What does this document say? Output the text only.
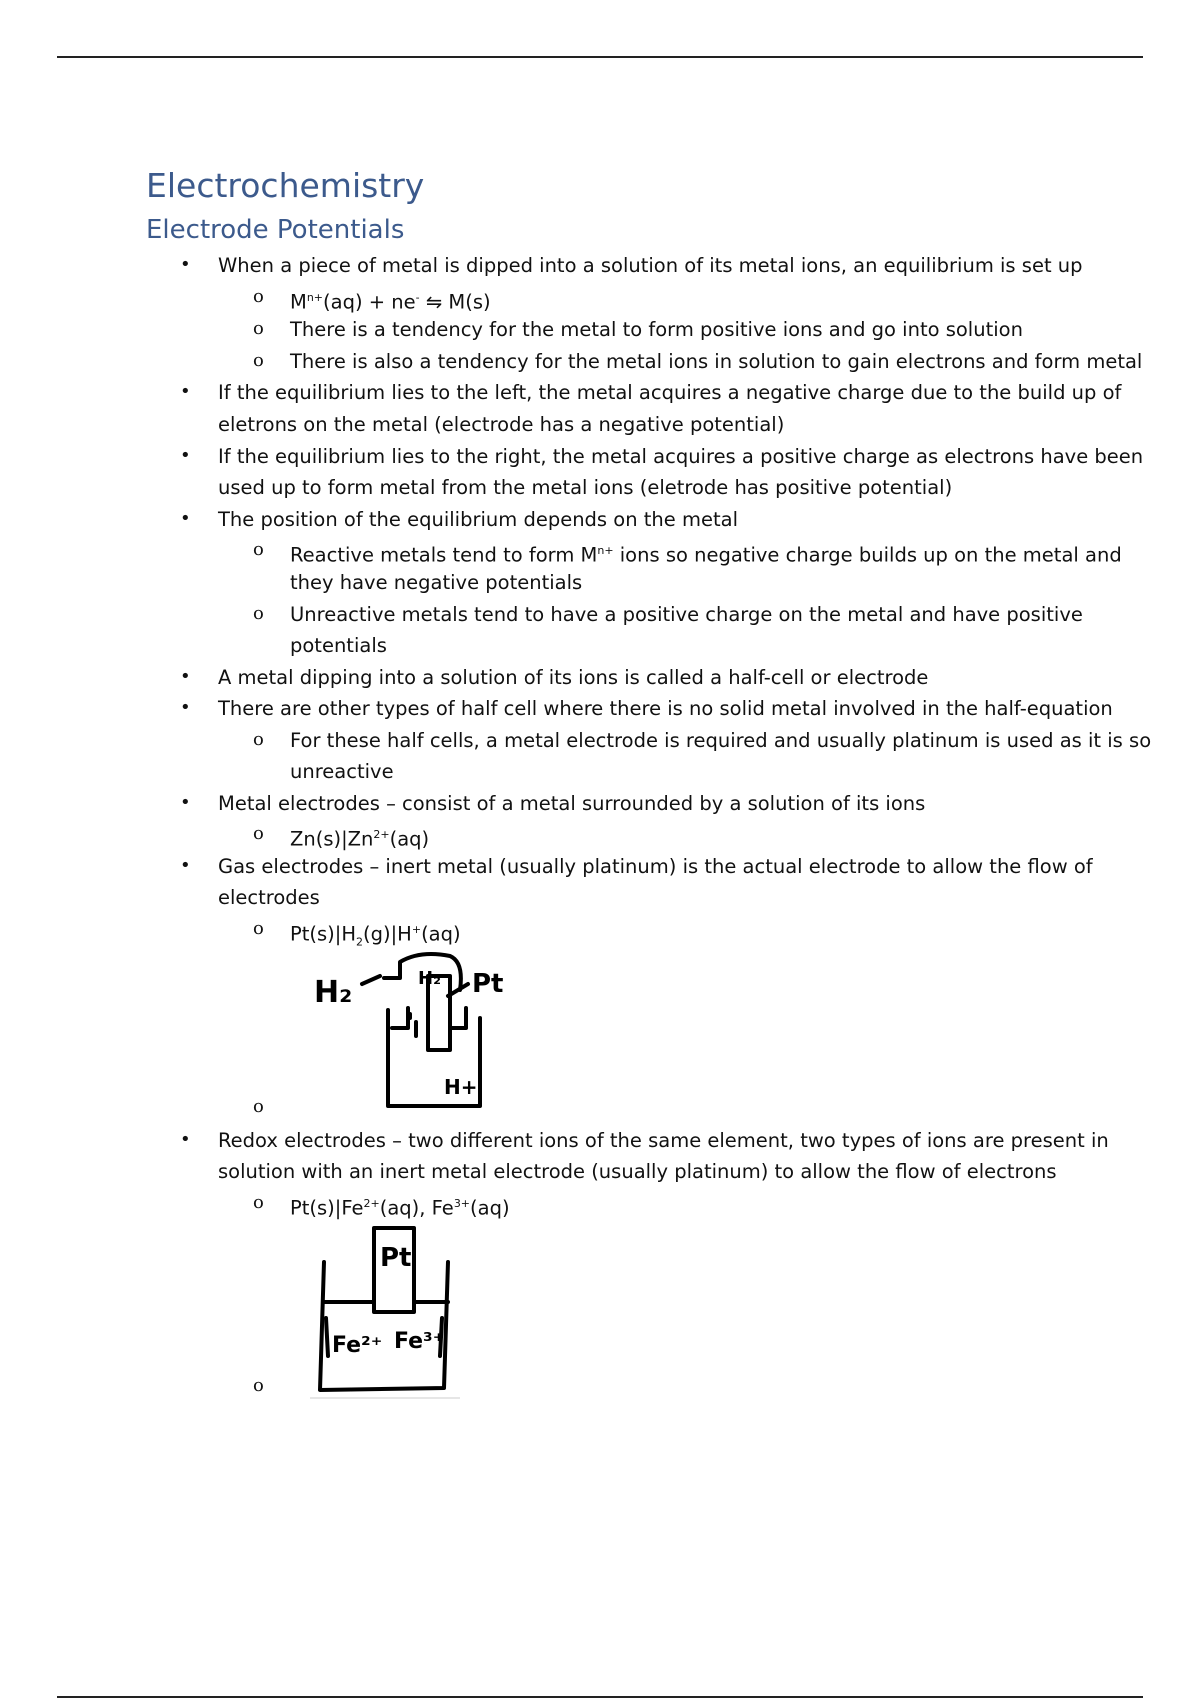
Electrochemistry
Electrode Potentials
• When a piece of metal is dipped into a solution of its metal ions, an equilibrium is set up
o $M^{n+}(aq) + ne^-$ ⇋ M(s)
o There is a tendency for the metal to form positive ions and go into solution
o There is also a tendency for the metal ions in solution to gain electrons and form metal
• If the equilibrium lies to the left, the metal acquires a negative charge due to the build up of
eletrons on the metal (electrode has a negative potential)
• If the equilibrium lies to the right, the metal acquires a positive charge as electrons have been
used up to form metal from the metal ions (eletrode has positive potential)
• The position of the equilibrium depends on the metal
o Reactive metals tend to form $M^{n+}$ ions so negative charge builds up on the metal and
they have negative potentials
o Unreactive metals tend to have a positive charge on the metal and have positive
potentials
• A metal dipping into a solution of its ions is called a half-cell or electrode
• There are other types of half cell where there is no solid metal involved in the half-equation
o For these half cells, a metal electrode is required and usually platinum is used as it is so
unreactive
• Metal electrodes – consist of a metal surrounded by a solution of its ions
o $Zn(s)|Zn^{2+}(aq)$
• Gas electrodes – inert metal (usually platinum) is the actual electrode to allow the flow of
electrodes
o $Pt(s)|H_2(g)|H^+(aq)$
H₂	H₂ Pt
H+
o
• Redox electrodes – two different ions of the same element, two types of ions are present in
solution with an inert metal electrode (usually platinum) to allow the flow of electrons
o $Pt(s)|Fe^{2+}(aq)$, $Fe^{3+}(aq)$
Pt
Fe²⁺ Fe³⁺
o
